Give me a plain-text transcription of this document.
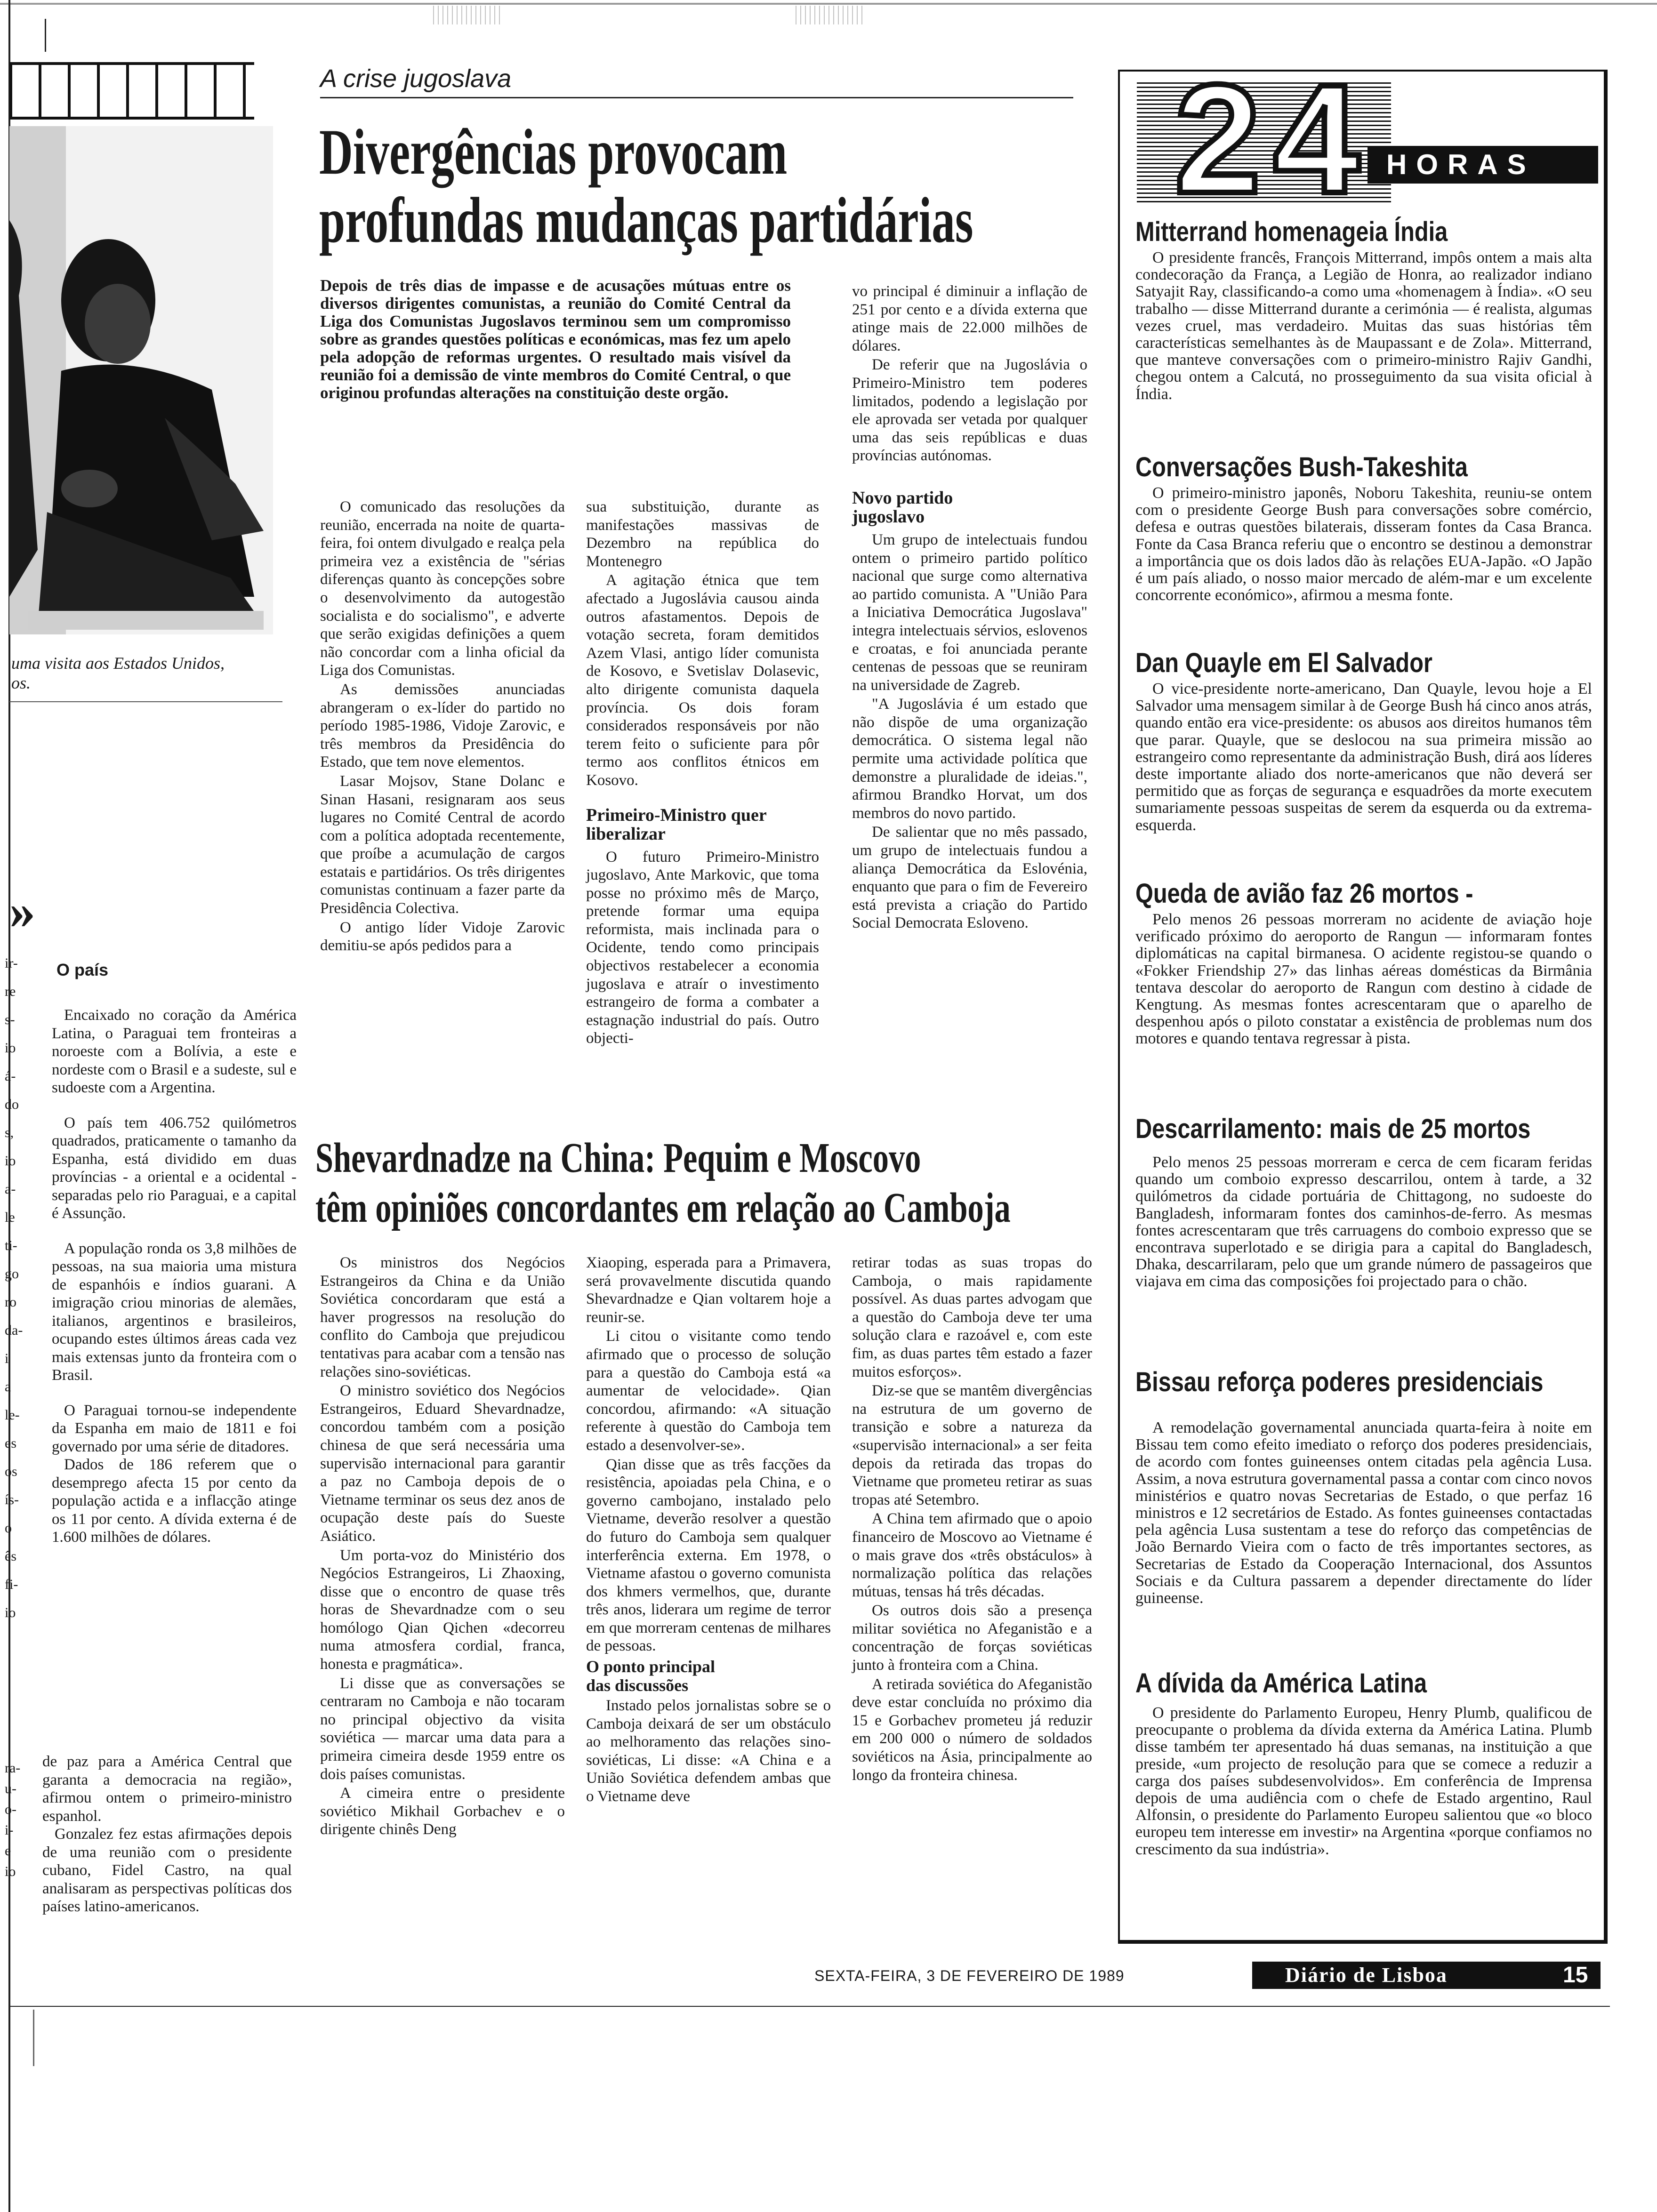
uma visita aos Estados Unidos,
os.
A crise jugoslava
Divergências provocam
profundas mudanças partidárias
Depois de três dias de impasse e de acusações mútuas entre os diversos dirigentes comunistas, a reunião do Comité Central da Liga dos Comunistas Jugoslavos terminou sem um compromisso sobre as grandes questões políticas e económicas, mas fez um apelo pela adopção de reformas urgentes. O resultado mais visível da reunião foi a demissão de vinte membros do Comité Central, o que originou profundas alterações na constituição deste orgão.

O comunicado das resoluções da reunião, encerrada na noite de quarta-feira, foi ontem divulgado e realça pela primeira vez a existência de "sérias diferenças quanto às concepções sobre o desenvolvimento da autogestão socialista e do socialismo", e adverte que serão exigidas definições a quem não concordar com a linha oficial da Liga dos Comunistas.

As demissões anunciadas abrangeram o ex-líder do partido no período 1985-1986, Vidoje Zarovic, e três membros da Presidência do Estado, que tem nove elementos.

Lasar Mojsov, Stane Dolanc e Sinan Hasani, resignaram aos seus lugares no Comité Central de acordo com a política adoptada recentemente, que proíbe a acumulação de cargos estatais e partidários. Os três dirigentes comunistas continuam a fazer parte da Presidência Colectiva.

O antigo líder Vidoje Zarovic demitiu-se após pedidos para a

sua substituição, durante as manifestações massivas de Dezembro na república do Montenegro

A agitação étnica que tem afectado a Jugoslávia causou ainda outros afastamentos. Depois de votação secreta, foram demitidos Azem Vlasi, antigo líder comunista de Kosovo, e Svetislav Dolasevic, alto dirigente comunista daquela província. Os dois foram considerados responsáveis por não terem feito o suficiente para pôr termo aos conflitos étnicos em Kosovo.

Primeiro-Ministro quer liberalizar

O futuro Primeiro-Ministro jugoslavo, Ante Markovic, que toma posse no próximo mês de Março, pretende formar uma equipa reformista, mais inclinada para o Ocidente, tendo como principais objectivos restabelecer a economia jugoslava e atraír o investimento estrangeiro de forma a combater a estagnação industrial do país. Outro objecti-

vo principal é diminuir a inflação de 251 por cento e a dívida externa que atinge mais de 22.000 milhões de dólares.

De referir que na Jugoslávia o Primeiro-Ministro tem poderes limitados, podendo a legislação por ele aprovada ser vetada por qualquer uma das seis repúblicas e duas províncias autónomas.

Novo partido jugoslavo

Um grupo de intelectuais fundou ontem o primeiro partido político nacional que surge como alternativa ao partido comunista. A "União Para a Iniciativa Democrática Jugoslava" integra intelectuais sérvios, eslovenos e croatas, e foi anunciada perante centenas de pessoas que se reuniram na universidade de Zagreb.

"A Jugoslávia é um estado que não dispõe de uma organização democrática. O sistema legal não permite uma actividade política que demonstre a pluralidade de ideias.", afirmou Brandko Horvat, um dos membros do novo partido.

De salientar que no mês passado, um grupo de intelectuais fundou a aliança Democrática da Eslovénia, enquanto que para o fim de Fevereiro está prevista a criação do Partido Social Democrata Esloveno.

»
O país

Encaixado no coração da América Latina, o Paraguai tem fronteiras a noroeste com a Bolívia, a este e nordeste com o Brasil e a sudeste, sul e sudoeste com a Argentina.

O país tem 406.752 quilómetros quadrados, praticamente o tamanho da Espanha, está dividido em duas províncias - a oriental e a ocidental - separadas pelo rio Paraguai, e a capital é Assunção.

A população ronda os 3,8 milhões de pessoas, na sua maioria uma mistura de espanhóis e índios guarani. A imigração criou minorias de alemães, italianos, argentinos e brasileiros, ocupando estes últimos áreas cada vez mais extensas junto da fronteira com o Brasil.

O Paraguai tornou-se independente da Espanha em maio de 1811 e foi governado por uma série de ditadores.

Dados de 186 referem que o desemprego afecta 15 por cento da população actida e a inflacção atinge os 11 por cento. A dívida externa é de 1.600 milhões de dólares.

de paz para a América Central que garanta a democracia na região», afirmou ontem o primeiro-ministro espanhol.

Gonzalez fez estas afirmações depois de uma reunião com o presidente cubano, Fidel Castro, na qual analisaram as perspectivas políticas dos países latino-americanos.

ir-
re
s-
io
á-
do
s,
io
a-
le
ti-
go
ro
da-
i
a
le-
es
os
ís-
o
ês
fi-
io
ra-
u-
o-
i-
e
io
Shevardnadze na China: Pequim e Moscovo
têm opiniões concordantes em relação ao Camboja

Os ministros dos Negócios Estrangeiros da China e da União Soviética concordaram que está a haver progressos na resolução do conflito do Camboja que prejudicou tentativas para acabar com a tensão nas relações sino-soviéticas.

O ministro soviético dos Negócios Estrangeiros, Eduard Shevardnadze, concordou também com a posição chinesa de que será necessária uma supervisão internacional para garantir a paz no Camboja depois de o Vietname terminar os seus dez anos de ocupação deste país do Sueste Asiático.

Um porta-voz do Ministério dos Negócios Estrangeiros, Li Zhaoxing, disse que o encontro de quase três horas de Shevardnadze com o seu homólogo Qian Qichen «decorreu numa atmosfera cordial, franca, honesta e pragmática».

Li disse que as conversações se centraram no Camboja e não tocaram no principal objectivo da visita soviética — marcar uma data para a primeira cimeira desde 1959 entre os dois países comunistas.

A cimeira entre o presidente soviético Mikhail Gorbachev e o dirigente chinês Deng

Xiaoping, esperada para a Primavera, será provavelmente discutida quando Shevardnadze e Qian voltarem hoje a reunir-se.

Li citou o visitante como tendo afirmado que o processo de solução para a questão do Camboja está «a aumentar de velocidade». Qian concordou, afirmando: «A situação referente à questão do Camboja tem estado a desenvolver-se».

Qian disse que as três facções da resistência, apoiadas pela China, e o governo cambojano, instalado pelo Vietname, deverão resolver a questão do futuro do Camboja sem qualquer interferência externa. Em 1978, o Vietname afastou o governo comunista dos khmers vermelhos, que, durante três anos, liderara um regime de terror em que morreram centenas de milhares de pessoas.

O ponto principal das discussões

Instado pelos jornalistas sobre se o Camboja deixará de ser um obstáculo ao melhoramento das relações sino-soviéticas, Li disse: «A China e a União Soviética defendem ambas que o Vietname deve

retirar todas as suas tropas do Camboja, o mais rapidamente possível. As duas partes advogam que a questão do Camboja deve ter uma solução clara e razoável e, com este fim, as duas partes têm estado a fazer muitos esforços».

Diz-se que se mantêm divergências na estrutura de um governo de transição e sobre a natureza da «supervisão internacional» a ser feita depois da retirada das tropas do Vietname que prometeu retirar as suas tropas até Setembro.

A China tem afirmado que o apoio financeiro de Moscovo ao Vietname é o mais grave dos «três obstáculos» à normalização política das relações mútuas, tensas há três décadas.

Os outros dois são a presença militar soviética no Afeganistão e a concentração de forças soviéticas junto à fronteira com a China.

A retirada soviética do Afeganistão deve estar concluída no próximo dia 15 e Gorbachev prometeu já reduzir em 200 000 o número de soldados soviéticos na Ásia, principalmente ao longo da fronteira chinesa.

2 4 HORAS
Mitterrand homenageia Índia

O presidente francês, François Mitterrand, impôs ontem a mais alta condecoração da França, a Legião de Honra, ao realizador indiano Satyajit Ray, classificando-a como uma «homenagem à Índia». «O seu trabalho — disse Mitterrand durante a cerimónia — é realista, algumas vezes cruel, mas verdadeiro. Muitas das suas histórias têm características semelhantes às de Maupassant e de Zola». Mitterrand, que manteve conversações com o primeiro-ministro Rajiv Gandhi, chegou ontem a Calcutá, no prosseguimento da sua visita oficial à Índia.

Conversações Bush-Takeshita

O primeiro-ministro japonês, Noboru Takeshita, reuniu-se ontem com o presidente George Bush para conversações sobre comércio, defesa e outras questões bilaterais, disseram fontes da Casa Branca. Fonte da Casa Branca referiu que o encontro se destinou a demonstrar a importância que os dois lados dão às relações EUA-Japão. «O Japão é um país aliado, o nosso maior mercado de além-mar e um excelente concorrente económico», afirmou a mesma fonte.

Dan Quayle em El Salvador

O vice-presidente norte-americano, Dan Quayle, levou hoje a El Salvador uma mensagem similar à de George Bush há cinco anos atrás, quando então era vice-presidente: os abusos aos direitos humanos têm que parar. Quayle, que se deslocou na sua primeira missão ao estrangeiro como representante da administração Bush, dirá aos líderes deste importante aliado dos norte-americanos que não deverá ser permitido que as forças de segurança e esquadrões da morte executem sumariamente pessoas suspeitas de serem da esquerda ou da extrema-esquerda.

Queda de avião faz 26 mortos -

Pelo menos 26 pessoas morreram no acidente de aviação hoje verificado próximo do aeroporto de Rangun — informaram fontes diplomáticas na capital birmanesa. O acidente registou-se quando o «Fokker Friendship 27» das linhas aéreas domésticas da Birmânia tentava descolar do aeroporto de Rangun com destino à cidade de Kengtung. As mesmas fontes acrescentaram que o aparelho de despenhou após o piloto constatar a existência de problemas num dos motores e quando tentava regressar à pista.

Descarrilamento: mais de 25 mortos

Pelo menos 25 pessoas morreram e cerca de cem ficaram feridas quando um comboio expresso descarrilou, ontem à tarde, a 32 quilómetros da cidade portuária de Chittagong, no sudoeste do Bangladesh, informaram fontes dos caminhos-de-ferro. As mesmas fontes acrescentaram que três carruagens do comboio expresso que se encontrava superlotado e se dirigia para a capital do Bangladesch, Dhaka, descarrilaram, pelo que um grande número de passageiros que viajava em cima das composições foi projectado para o chão.

Bissau reforça poderes presidenciais

A remodelação governamental anunciada quarta-feira à noite em Bissau tem como efeito imediato o reforço dos poderes presidenciais, de acordo com fontes guineenses ontem citadas pela agência Lusa. Assim, a nova estrutura governamental passa a contar com cinco novos ministérios e quatro novas Secretarias de Estado, o que perfaz 16 ministros e 12 secretários de Estado. As fontes guineenses contactadas pela agência Lusa sustentam a tese do reforço das competências de João Bernardo Vieira com o facto de três importantes sectores, as Secretarias de Estado da Cooperação Internacional, dos Assuntos Sociais e da Cultura passarem a depender directamente do líder guineense.

A dívida da América Latina

O presidente do Parlamento Europeu, Henry Plumb, qualificou de preocupante o problema da dívida externa da América Latina. Plumb disse também ter apresentado há duas semanas, na instituição a que preside, «um projecto de resolução para que se comece a reduzir a carga dos países subdesenvolvidos». Em conferência de Imprensa depois de uma audiência com o chefe de Estado argentino, Raul Alfonsin, o presidente do Parlamento Europeu salientou que «o bloco europeu tem interesse em investir» na Argentina «porque confiamos no crescimento da sua indústria».

SEXTA-FEIRA, 3 DE FEVEREIRO DE 1989	Diário de Lisboa	15
